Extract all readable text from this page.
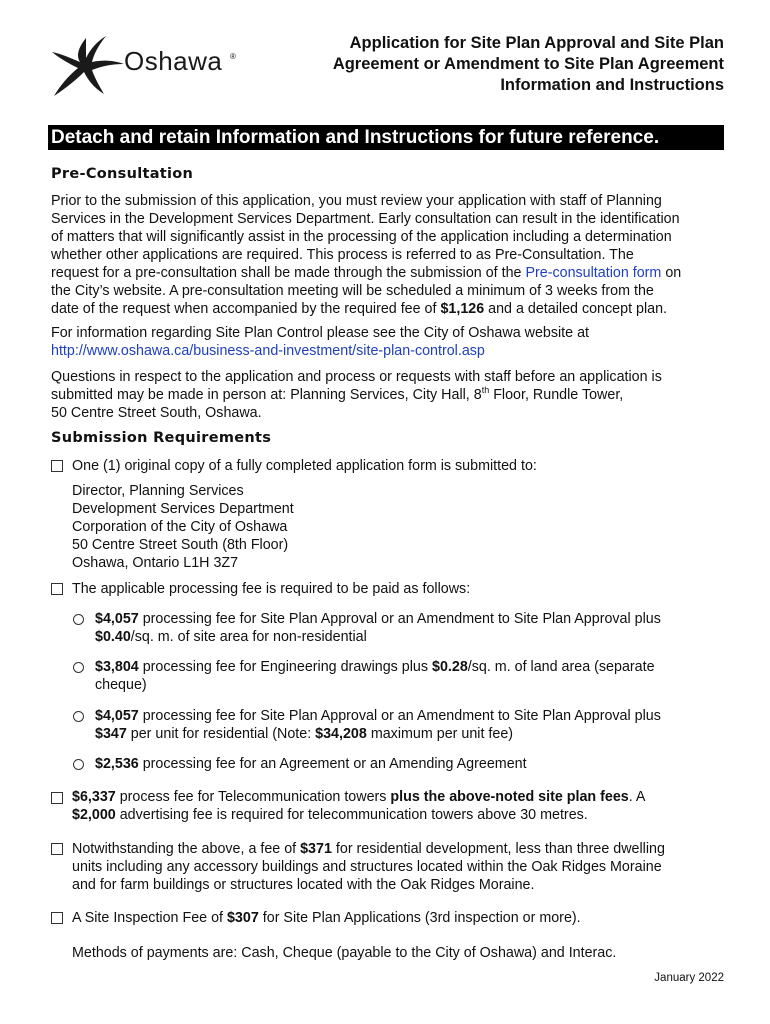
Oshawa ®
Application for Site Plan Approval and Site Plan
Agreement or Amendment to Site Plan Agreement
Information and Instructions
Detach and retain Information and Instructions for future reference.
Pre-Consultation
Prior to the submission of this application, you must review your application with staff of Planning
Services in the Development Services Department. Early consultation can result in the identification
of matters that will significantly assist in the processing of the application including a determination
whether other applications are required. This process is referred to as Pre-Consultation. The
request for a pre-consultation shall be made through the submission of the Pre-consultation form on
the City’s website. A pre-consultation meeting will be scheduled a minimum of 3 weeks from the
date of the request when accompanied by the required fee of $1,126 and a detailed concept plan.
For information regarding Site Plan Control please see the City of Oshawa website at
http://www.oshawa.ca/business-and-investment/site-plan-control.asp
Questions in respect to the application and process or requests with staff before an application is
submitted may be made in person at: Planning Services, City Hall, 8th Floor, Rundle Tower,
50 Centre Street South, Oshawa.
Submission Requirements
One (1) original copy of a fully completed application form is submitted to:
Director, Planning Services
Development Services Department
Corporation of the City of Oshawa
50 Centre Street South (8th Floor)
Oshawa, Ontario L1H 3Z7
The applicable processing fee is required to be paid as follows:
$4,057 processing fee for Site Plan Approval or an Amendment to Site Plan Approval plus
$0.40/sq. m. of site area for non-residential
$3,804 processing fee for Engineering drawings plus $0.28/sq. m. of land area (separate
cheque)
$4,057 processing fee for Site Plan Approval or an Amendment to Site Plan Approval plus
$347 per unit for residential (Note: $34,208 maximum per unit fee)
$2,536 processing fee for an Agreement or an Amending Agreement
$6,337 process fee for Telecommunication towers plus the above-noted site plan fees. A
$2,000 advertising fee is required for telecommunication towers above 30 metres.
Notwithstanding the above, a fee of $371 for residential development, less than three dwelling
units including any accessory buildings and structures located within the Oak Ridges Moraine
and for farm buildings or structures located with the Oak Ridges Moraine.
A Site Inspection Fee of $307 for Site Plan Applications (3rd inspection or more).
Methods of payments are: Cash, Cheque (payable to the City of Oshawa) and Interac.
January 2022
